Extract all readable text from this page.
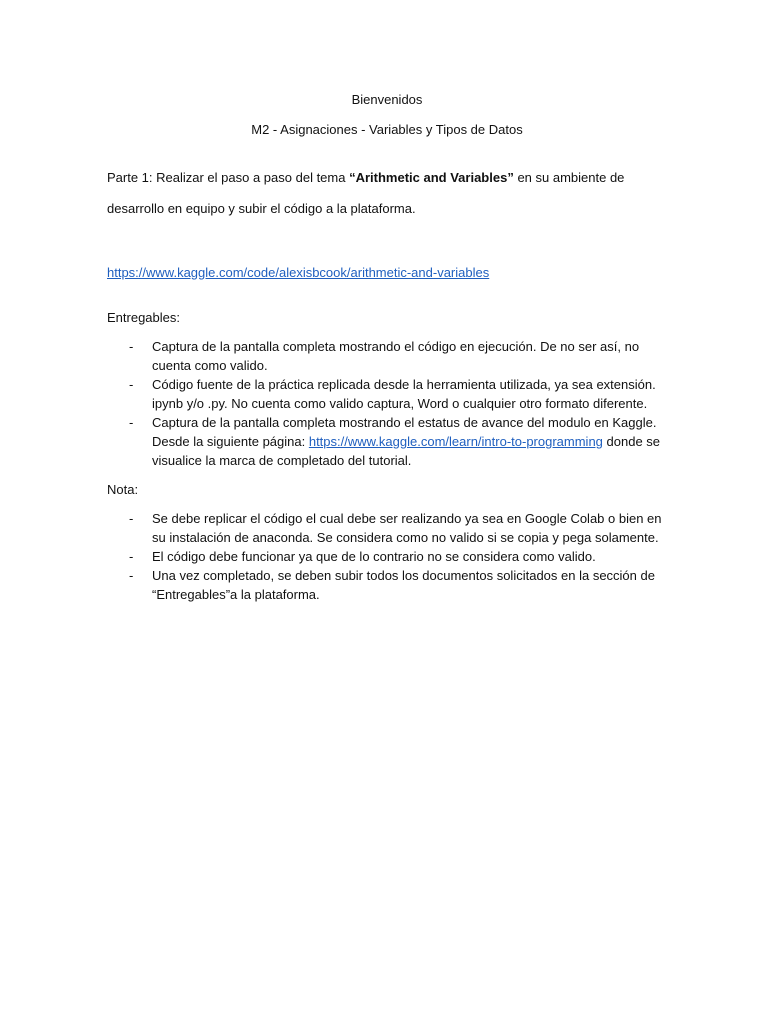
Bienvenidos
M2 - Asignaciones - Variables y Tipos de Datos

Parte 1: Realizar el paso a paso del tema “Arithmetic and Variables” en su ambiente de desarrollo en equipo y subir el código a la plataforma.

https://www.kaggle.com/code/alexisbcook/arithmetic-and-variables
Entregables:
- Captura de la pantalla completa mostrando el código en ejecución. De no ser así, no cuenta como valido.
- Código fuente de la práctica replicada desde la herramienta utilizada, ya sea extensión. ipynb y/o .py. No cuenta como valido captura, Word o cualquier otro formato diferente.
- Captura de la pantalla completa mostrando el estatus de avance del modulo en Kaggle. Desde la siguiente página: https://www.kaggle.com/learn/intro-to-programming donde se visualice la marca de completado del tutorial.
Nota:
- Se debe replicar el código el cual debe ser realizando ya sea en Google Colab o bien en su instalación de anaconda. Se considera como no valido si se copia y pega solamente.
- El código debe funcionar ya que de lo contrario no se considera como valido.
- Una vez completado, se deben subir todos los documentos solicitados en la sección de “Entregables”a la plataforma.
